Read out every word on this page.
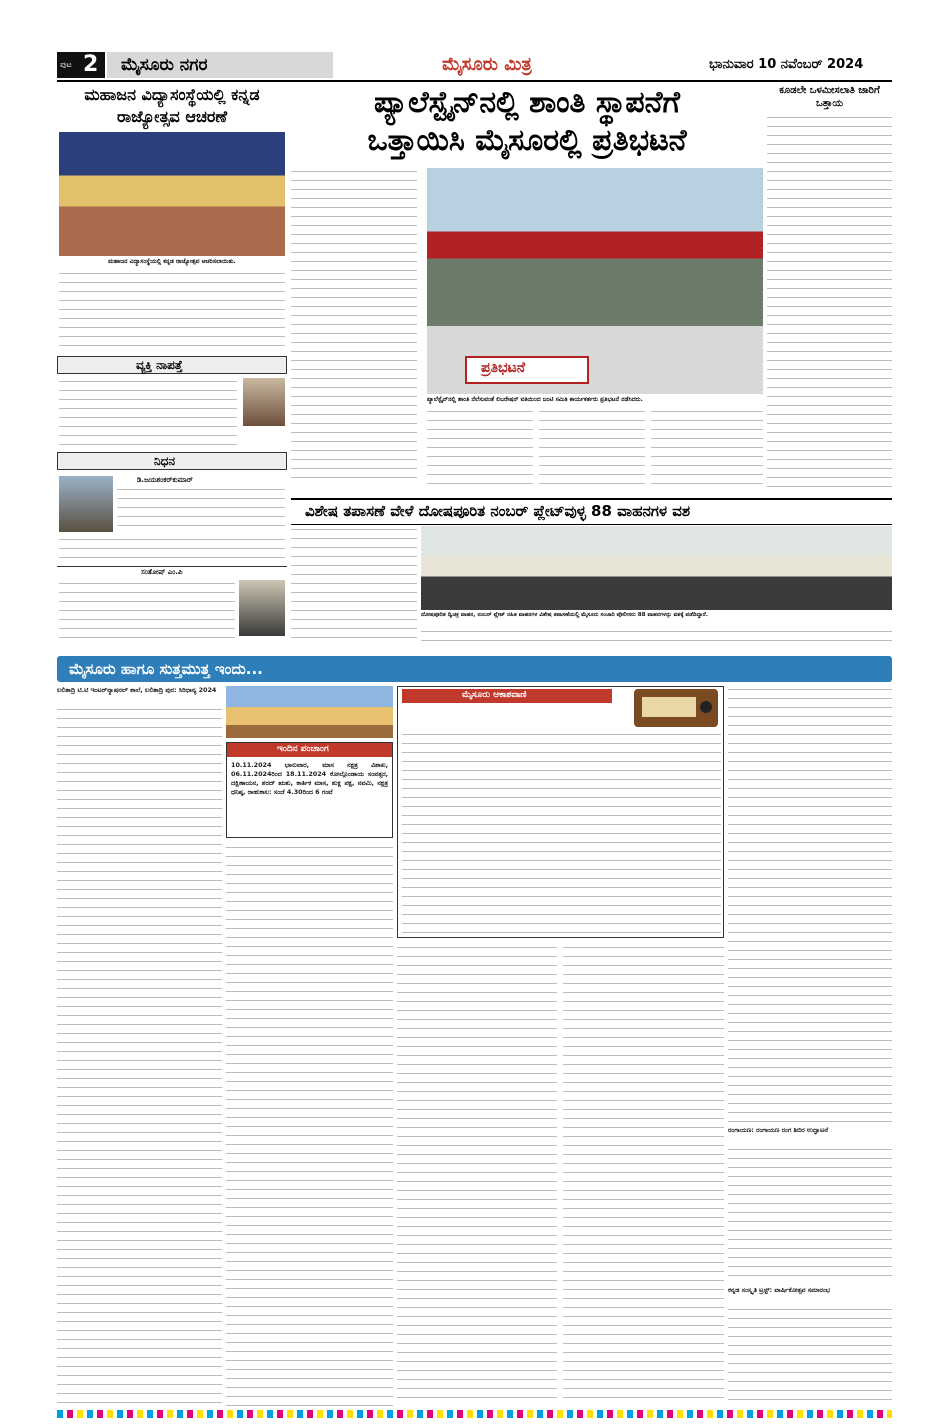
ಪುಟ 2 ಮೈಸೂರು ನಗರ	ಮೈಸೂರು ಮಿತ್ರ	ಭಾನುವಾರ 10 ನವೆಂಬರ್ 2024
ಮಹಾಜನ ವಿದ್ಯಾಸಂಸ್ಥೆಯಲ್ಲಿ ಕನ್ನಡ ರಾಜ್ಯೋತ್ಸವ ಆಚರಣೆ
ಮಹಾಜನ ವಿದ್ಯಾಸಂಸ್ಥೆಯಲ್ಲಿ ಕನ್ನಡ ರಾಜ್ಯೋತ್ಸವ ಆಚರಿಸಲಾಯಿತು.
ವ್ಯಕ್ತಿ ನಾಪತ್ತೆ
ನಿಧನ
ಡಿ.ಜಯಶಂಕರ್‌ಕುಮಾರ್
ಸಂತೋಷ್ ಎಂ.ಪಿ
ಪ್ಯಾಲೆಸ್ಟೈನ್‌ನಲ್ಲಿ ಶಾಂತಿ ಸ್ಥಾಪನೆಗೆ
ಒತ್ತಾಯಿಸಿ ಮೈಸೂರಲ್ಲಿ ಪ್ರತಿಭಟನೆ
ಪ್ರತಿಭಟನೆ
ಪ್ಯಾಲೆಸ್ಟೈನ್‌ನಲ್ಲಿ ಶಾಂತಿ ನೆಲೆಸುವಂತೆ ಲಿಬರೇಷನ್ ವತಿಯಿಂದ ಜಂಟಿ ಸಮಿತಿ ಕಾರ್ಯಕರ್ತರು ಪ್ರತಿಭಟನೆ ನಡೆಸಿದರು.
ಕೂಡಲೇ ಒಳಮೀಸಲಾತಿ ಜಾರಿಗೆ ಒತ್ತಾಯ
ವಿಶೇಷ ತಪಾಸಣೆ ವೇಳೆ ದೋಷಪೂರಿತ ನಂಬರ್ ಪ್ಲೇಟ್‌ವುಳ್ಳ 88 ವಾಹನಗಳ ವಶ
ದೋಷಪೂರಿತ ದ್ವಿಚಕ್ರ ವಾಹನ, ನಂಬರ್ ಪ್ಲೇಟ್ ರಹಿತ ವಾಹನಗಳ ವಿಶೇಷ ತಪಾಸಣೆಯಲ್ಲಿ ಮೈಸೂರು ಸಂಚಾರಿ ಪೊಲೀಸರು 88 ವಾಹನಗಳನ್ನು ವಶಕ್ಕೆ ಪಡೆದಿದ್ದಾರೆ.
ಮೈಸೂರು ಹಾಗೂ ಸುತ್ತಮುತ್ತ ಇಂದು...
ಲಲಿತಾದ್ರಿ ಟಿ.ಟಿ ಇಂಟರ್‌ನ್ಯಾಷನಲ್ ಶಾಲೆ, ಲಲಿತಾದ್ರಿ ಪುರ: ಸಿರಿಧಾನ್ಯ 2024
ಇಂದಿನ ಪಂಚಾಂಗ
10.11.2024 ಭಾನುವಾರ, ಮಾಸ ನಕ್ಷತ್ರ ವಿಶಾಖ, 06.11.2024ರಿಂದ 18.11.2024 ಕೋಲ್ಗೊಂಡಾಯ ಸಂವತ್ಸರ, ದಕ್ಷಿಣಾಯನ, ಶರದ್ ಋತು, ಕಾರ್ತಿಕ ಮಾಸ, ಶುಕ್ಲ ಪಕ್ಷ, ನವಮಿ, ನಕ್ಷತ್ರ ಧನಿಷ್ಠ, ರಾಹುಕಾಲ: ಸಂಜೆ 4.30ರಿಂದ 6 ಗಂಟೆ
ಮೈಸೂರು ಆಕಾಶವಾಣಿ
ರಂಗಾಯಣ: ರಂಗಾಯಣ ರಂಗ ಶಿಬಿರ ಉದ್ಘಾಟನೆ
ಕನ್ನಡ ಸಂಸ್ಕೃತಿ ಟ್ರಸ್ಟ್: ವಾರ್ಷಿಕೋತ್ಸವ ಸಮಾರಂಭ
